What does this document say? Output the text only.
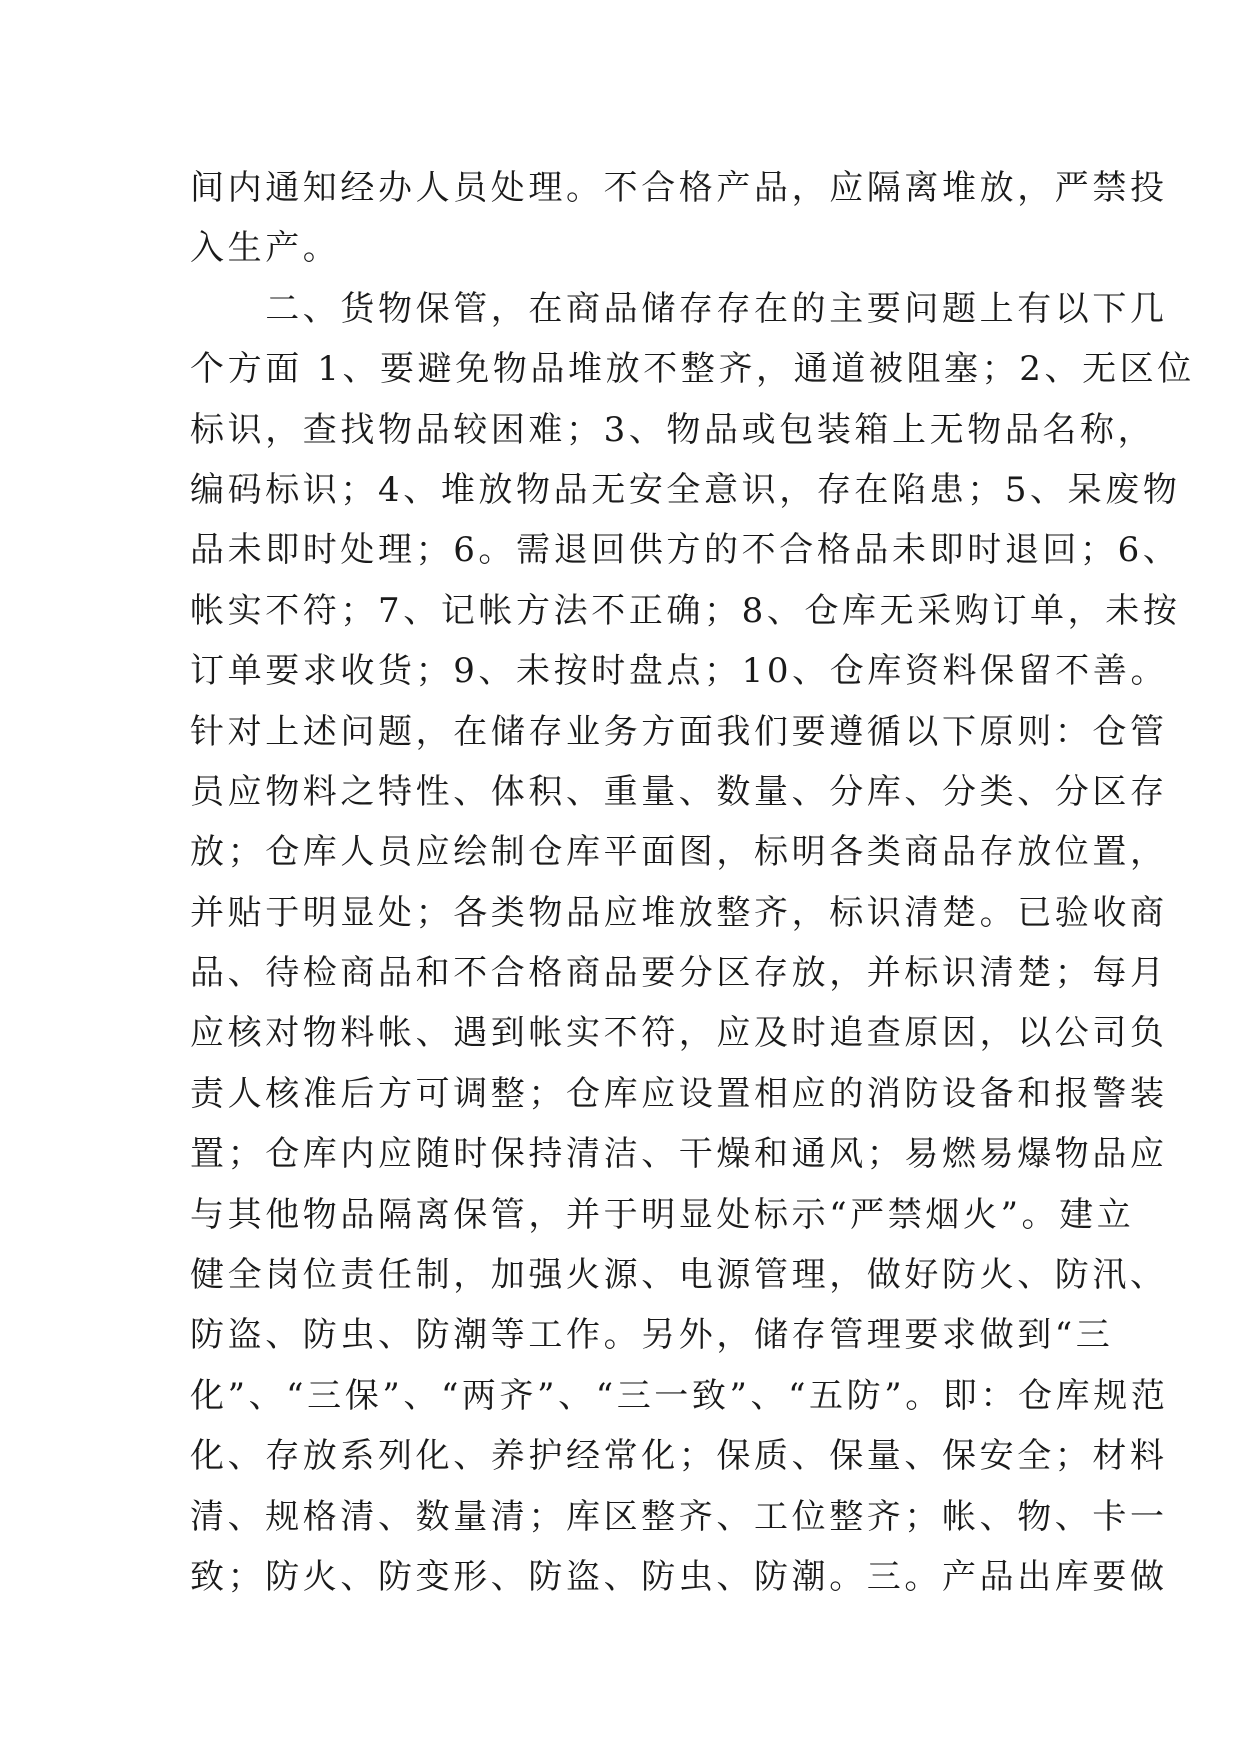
间内通知经办人员处理。不合格产品，应隔离堆放，严禁投
入生产。
　　二、货物保管，在商品储存存在的主要问题上有以下几
个方面 1、要避免物品堆放不整齐，通道被阻塞；2、无区位
标识，查找物品较困难；3、物品或包装箱上无物品名称，
编码标识；4、堆放物品无安全意识，存在陷患；5、呆废物
品未即时处理；6。需退回供方的不合格品未即时退回；6、
帐实不符；7、记帐方法不正确；8、仓库无采购订单，未按
订单要求收货；9、未按时盘点；10、仓库资料保留不善。
针对上述问题，在储存业务方面我们要遵循以下原则：仓管
员应物料之特性、体积、重量、数量、分库、分类、分区存
放；仓库人员应绘制仓库平面图，标明各类商品存放位置，
并贴于明显处；各类物品应堆放整齐，标识清楚。已验收商
品、待检商品和不合格商品要分区存放，并标识清楚；每月
应核对物料帐、遇到帐实不符，应及时追查原因，以公司负
责人核准后方可调整；仓库应设置相应的消防设备和报警装
置；仓库内应随时保持清洁、干燥和通风；易燃易爆物品应
与其他物品隔离保管，并于明显处标示“严禁烟火”。建立
健全岗位责任制，加强火源、电源管理，做好防火、防汛、
防盗、防虫、防潮等工作。另外，储存管理要求做到“三
化”、“三保”、“两齐”、“三一致”、“五防”。即：仓库规范
化、存放系列化、养护经常化；保质、保量、保安全；材料
清、规格清、数量清；库区整齐、工位整齐；帐、物、卡一
致；防火、防变形、防盗、防虫、防潮。三。产品出库要做
